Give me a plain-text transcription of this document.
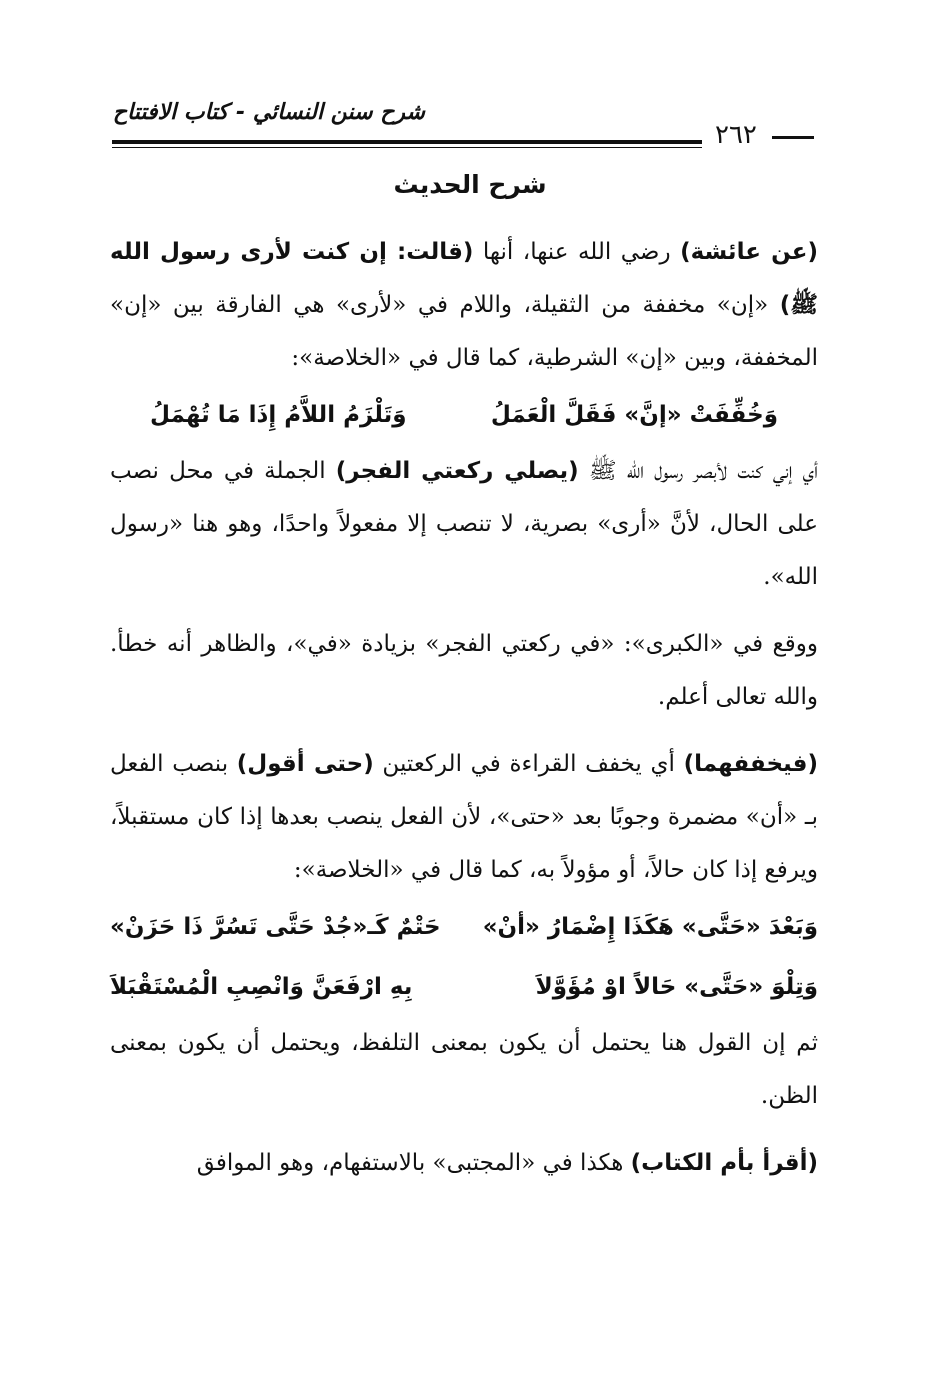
شرح سنن النسائي - كتاب الافتتاح
٢٦٢
شرح الحديث

(عن عائشة) رضي الله عنها، أنها (قالت: إن كنت لأرى رسول الله ﷺ) «إن» مخففة من الثقيلة، واللام في «لأرى» هي الفارقة بين «إن» المخففة، وبين «إن» الشرطية، كما قال في «الخلاصة»:

وَخُفِّفَتْ «إنَّ» فَقَلَّ الْعَمَلُ
وَتَلْزَمُ اللاَّمُ إِذَا مَا تُهْمَلُ

أي إني كنت لأبصر رسول الله ﷺ (يصلي ركعتي الفجر) الجملة في محل نصب على الحال، لأنَّ «أرى» بصرية، لا تنصب إلا مفعولاً واحدًا، وهو هنا «رسول الله».

ووقع في «الكبرى»: «في ركعتي الفجر» بزيادة «في»، والظاهر أنه خطأ. والله تعالى أعلم.

(فيخففهما) أي يخفف القراءة في الركعتين (حتى أقول) بنصب الفعل بـ «أن» مضمرة وجوبًا بعد «حتى»، لأن الفعل ينصب بعدها إذا كان مستقبلاً، ويرفع إذا كان حالاً، أو مؤولاً به، كما قال في «الخلاصة»:

وَبَعْدَ «حَتَّى» هَكَذَا إِضْمَارُ «أنْ»
حَتْمٌ كَـ«جُدْ حَتَّى تَسُرَّ ذَا حَزَنْ»
وَتِلْوَ «حَتَّى» حَالاً اوْ مُؤَوَّلاَ
بِهِ ارْفَعَنَّ وَانْصِبِ الْمُسْتَقْبَلاَ

ثم إن القول هنا يحتمل أن يكون بمعنى التلفظ، ويحتمل أن يكون بمعنى الظن.

(أقرأ بأم الكتاب) هكذا في «المجتبى» بالاستفهام، وهو الموافق
